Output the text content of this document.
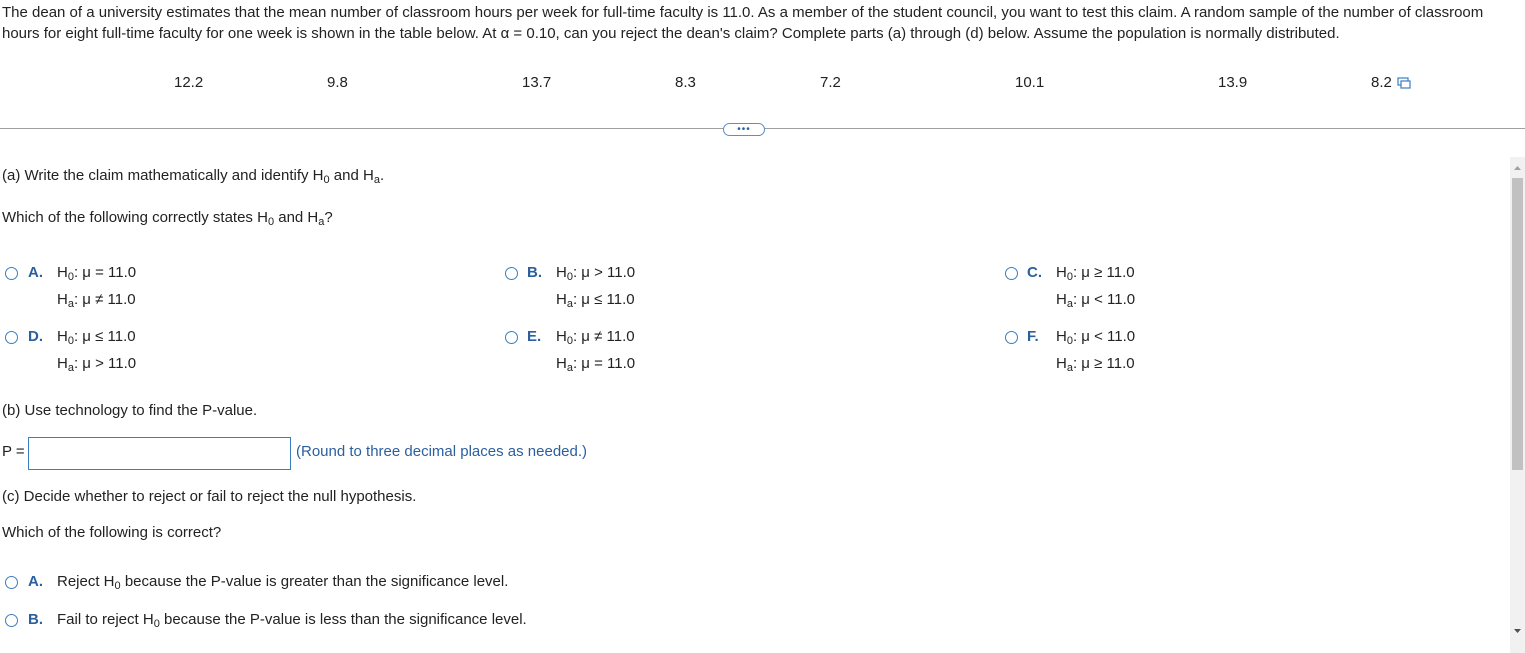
The dean of a university estimates that the mean number of classroom hours per week for full-time faculty is 11.0. As a member of the student council, you want to test this claim. A random sample of the number of classroom hours for eight full-time faculty for one week is shown in the table below. At α = 0.10, can you reject the dean's claim? Complete parts (a) through (d) below. Assume the population is normally distributed.
12.2	9.8	13.7	8.3	7.2	10.1	13.9	8.2
•••
(a) Write the claim mathematically and identify $H_0$ and $H_a$.
Which of the following correctly states $H_0$ and $H_a$?
A. $H_0$: μ = 11.0
$H_a$: μ ≠ 11.0
B. $H_0$: μ > 11.0
$H_a$: μ ≤ 11.0
C. $H_0$: μ ≥ 11.0
$H_a$: μ < 11.0
D. $H_0$: μ ≤ 11.0
$H_a$: μ > 11.0
E. $H_0$: μ ≠ 11.0
$H_a$: μ = 11.0
F. $H_0$: μ < 11.0
$H_a$: μ ≥ 11.0
(b) Use technology to find the P-value.
P =	(Round to three decimal places as needed.)
(c) Decide whether to reject or fail to reject the null hypothesis.
Which of the following is correct?
A. Reject $H_0$ because the P-value is greater than the significance level.
B. Fail to reject $H_0$ because the P-value is less than the significance level.
